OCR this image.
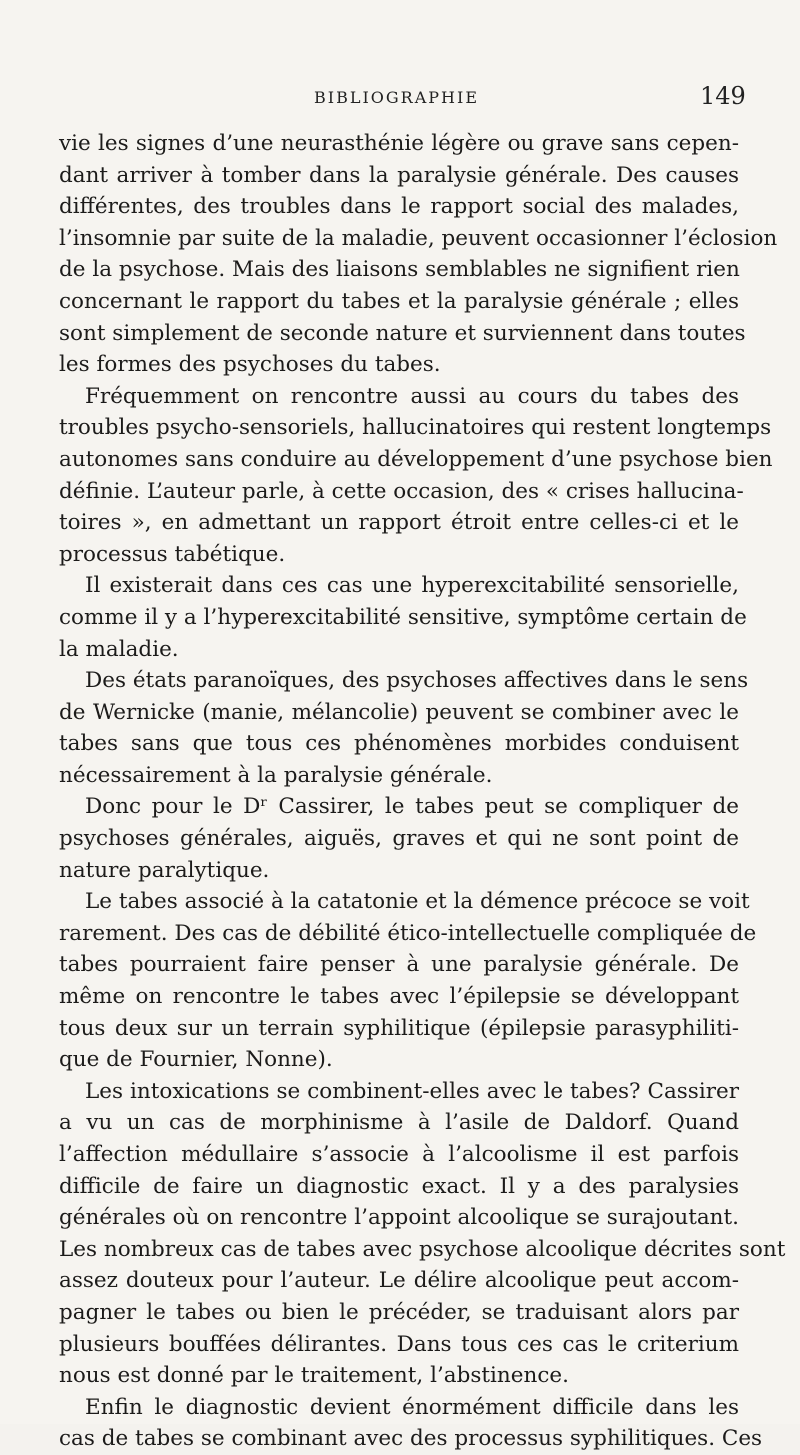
BIBLIOGRAPHIE	149
vie les signes d’une neurasthénie légère ou grave sans cepen-
dant arriver à tomber dans la paralysie générale. Des causes
différentes, des troubles dans le rapport social des malades,
l’insomnie par suite de la maladie, peuvent occasionner l’éclosion
de la psychose. Mais des liaisons semblables ne signifient rien
concernant le rapport du tabes et la paralysie générale ; elles
sont simplement de seconde nature et surviennent dans toutes
les formes des psychoses du tabes.
Fréquemment on rencontre aussi au cours du tabes des
troubles psycho-sensoriels, hallucinatoires qui restent longtemps
autonomes sans conduire au développement d’une psychose bien
définie. L’auteur parle, à cette occasion, des « crises hallucina-
toires », en admettant un rapport étroit entre celles-ci et le
processus tabétique.
Il existerait dans ces cas une hyperexcitabilité sensorielle,
comme il y a l’hyperexcitabilité sensitive, symptôme certain de
la maladie.
Des états paranoïques, des psychoses affectives dans le sens
de Wernicke (manie, mélancolie) peuvent se combiner avec le
tabes sans que tous ces phénomènes morbides conduisent
nécessairement à la paralysie générale.
Donc pour le Dʳ Cassirer, le tabes peut se compliquer de
psychoses générales, aiguës, graves et qui ne sont point de
nature paralytique.
Le tabes associé à la catatonie et la démence précoce se voit
rarement. Des cas de débilité ético-intellectuelle compliquée de
tabes pourraient faire penser à une paralysie générale. De
même on rencontre le tabes avec l’épilepsie se développant
tous deux sur un terrain syphilitique (épilepsie parasyphiliti-
que de Fournier, Nonne).
Les intoxications se combinent-elles avec le tabes? Cassirer
a vu un cas de morphinisme à l’asile de Daldorf. Quand
l’affection médullaire s’associe à l’alcoolisme il est parfois
difficile de faire un diagnostic exact. Il y a des paralysies
générales où on rencontre l’appoint alcoolique se surajoutant.
Les nombreux cas de tabes avec psychose alcoolique décrites sont
assez douteux pour l’auteur. Le délire alcoolique peut accom-
pagner le tabes ou bien le précéder, se traduisant alors par
plusieurs bouffées délirantes. Dans tous ces cas le criterium
nous est donné par le traitement, l’abstinence.
Enfin le diagnostic devient énormément difficile dans les
cas de tabes se combinant avec des processus syphilitiques. Ces
